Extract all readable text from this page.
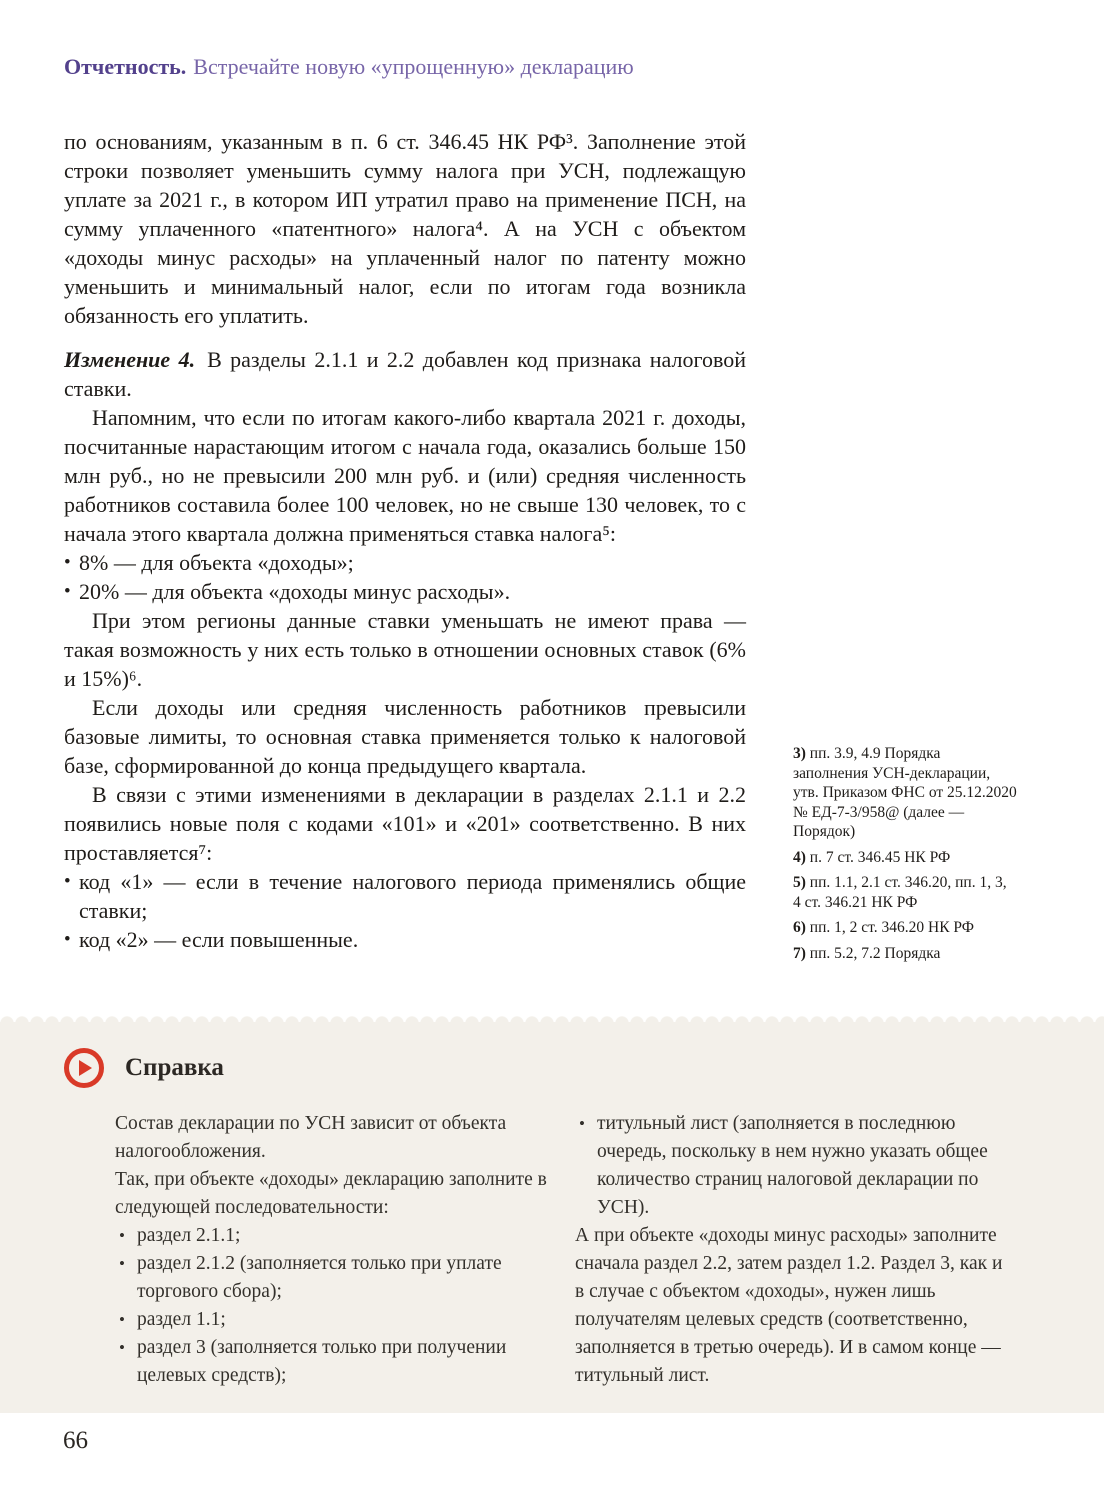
Отчетность. Встречайте новую «упрощенную» декларацию

по основаниям, указанным в п. 6 ст. 346.45 НК РФ³. Заполнение этой строки позволяет уменьшить сумму налога при УСН, подлежащую уплате за 2021 г., в котором ИП утратил право на применение ПСН, на сумму уплаченного «патентного» налога⁴. А на УСН с объектом «доходы минус расходы» на уплаченный налог по патенту можно уменьшить и минимальный налог, если по итогам года возникла обязанность его уплатить.

Изменение 4. В разделы 2.1.1 и 2.2 добавлен код признака налоговой ставки.

Напомним, что если по итогам какого-либо квартала 2021 г. доходы, посчитанные нарастающим итогом с начала года, оказались больше 150 млн руб., но не превысили 200 млн руб. и (или) средняя численность работников составила более 100 человек, но не свыше 130 человек, то с начала этого квартала должна применяться ставка налога⁵:

• 8% — для объекта «доходы»;
• 20% — для объекта «доходы минус расходы».

При этом регионы данные ставки уменьшать не имеют права — такая возможность у них есть только в отношении основных ставок (6% и 15%)⁶.

Если доходы или средняя численность работников превысили базовые лимиты, то основная ставка применяется только к налоговой базе, сформированной до конца предыдущего квартала.

В связи с этими изменениями в декларации в разделах 2.1.1 и 2.2 появились новые поля с кодами «101» и «201» соответственно. В них проставляется⁷:

• код «1» — если в течение налогового периода применялись общие ставки;
• код «2» — если повышенные.

3) пп. 3.9, 4.9 Порядка заполнения УСН-декларации, утв. Приказом ФНС от 25.12.2020 № ЕД-7-3/958@ (далее — Порядок)

4) п. 7 ст. 346.45 НК РФ

5) пп. 1.1, 2.1 ст. 346.20, пп. 1, 3, 4 ст. 346.21 НК РФ

6) пп. 1, 2 ст. 346.20 НК РФ

7) пп. 5.2, 7.2 Порядка

Справка

Состав декларации по УСН зависит от объекта налогообложения.

Так, при объекте «доходы» декларацию заполните в следующей последовательности:

• раздел 2.1.1;
• раздел 2.1.2 (заполняется только при уплате торгового сбора);
• раздел 1.1;
• раздел 3 (заполняется только при получении целевых средств);
• титульный лист (заполняется в последнюю очередь, поскольку в нем нужно указать общее количество страниц налоговой декларации по УСН).

А при объекте «доходы минус расходы» заполните сначала раздел 2.2, затем раздел 1.2. Раздел 3, как и в случае с объектом «доходы», нужен лишь получателям целевых средств (соответственно, заполняется в третью очередь). И в самом конце — титульный лист.

66
